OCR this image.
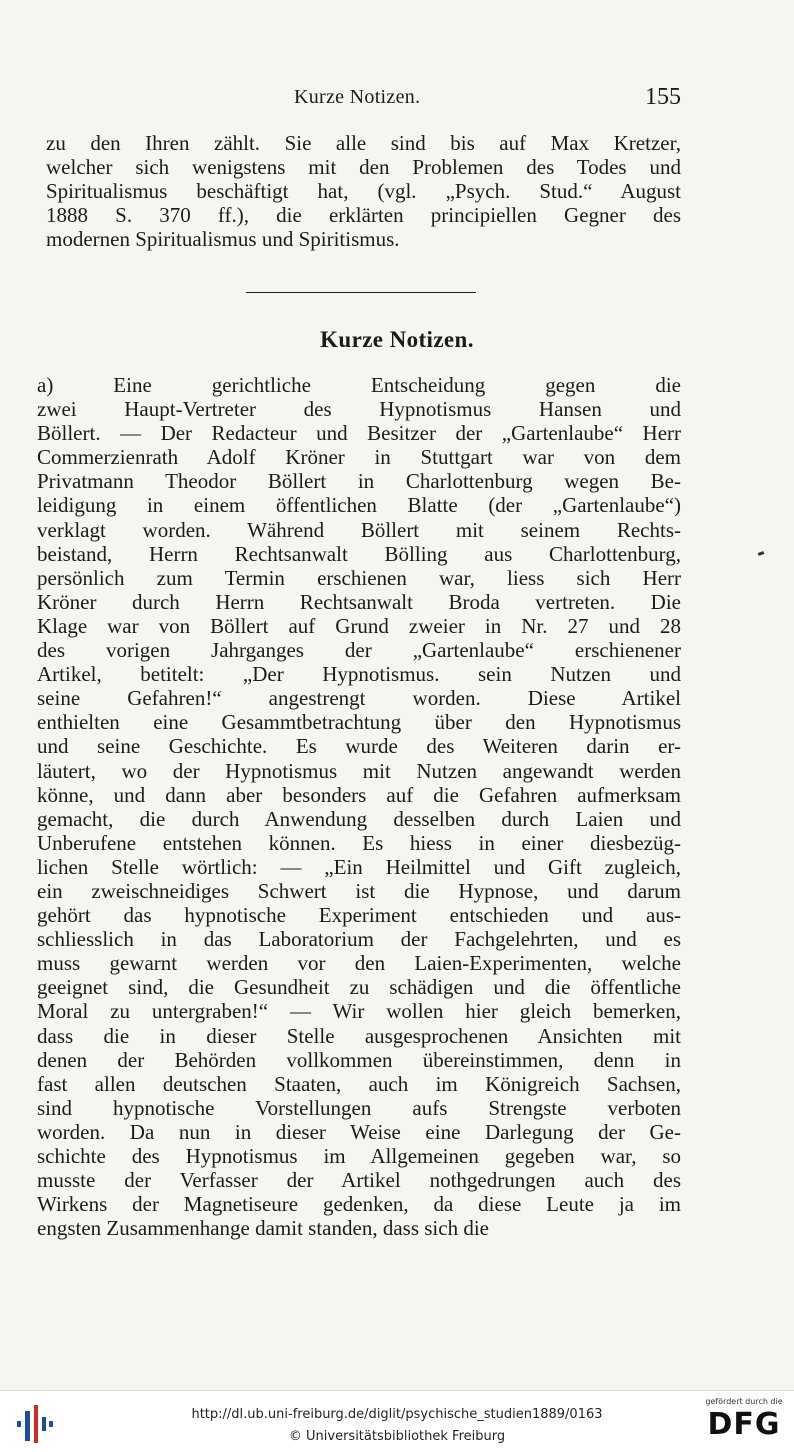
Kurze Notizen.	155
zu den Ihren zählt. Sie alle sind bis auf Max Kretzer,
welcher sich wenigstens mit den Problemen des Todes und
Spiritualismus beschäftigt hat, (vgl. „Psych. Stud.“ August
1888 S. 370 ff.), die erklärten principiellen Gegner des
modernen Spiritualismus und Spiritismus.
Kurze Notizen.
a) Eine gerichtliche Entscheidung gegen die
zwei Haupt-Vertreter des Hypnotismus Hansen und
Böllert. — Der Redacteur und Besitzer der „Gartenlaube“ Herr
Commerzienrath Adolf Kröner in Stuttgart war von dem
Privatmann Theodor Böllert in Charlottenburg wegen Be-
leidigung in einem öffentlichen Blatte (der „Gartenlaube“)
verklagt worden. Während Böllert mit seinem Rechts-
beistand, Herrn Rechtsanwalt Bölling aus Charlottenburg,
persönlich zum Termin erschienen war, liess sich Herr
Kröner durch Herrn Rechtsanwalt Broda vertreten. Die
Klage war von Böllert auf Grund zweier in Nr. 27 und 28
des vorigen Jahrganges der „Gartenlaube“ erschienener
Artikel, betitelt: „Der Hypnotismus. sein Nutzen und
seine Gefahren!“ angestrengt worden. Diese Artikel
enthielten eine Gesammtbetrachtung über den Hypnotismus
und seine Geschichte. Es wurde des Weiteren darin er-
läutert, wo der Hypnotismus mit Nutzen angewandt werden
könne, und dann aber besonders auf die Gefahren aufmerksam
gemacht, die durch Anwendung desselben durch Laien und
Unberufene entstehen können. Es hiess in einer diesbezüg-
lichen Stelle wörtlich: — „Ein Heilmittel und Gift zugleich,
ein zweischneidiges Schwert ist die Hypnose, und darum
gehört das hypnotische Experiment entschieden und aus-
schliesslich in das Laboratorium der Fachgelehrten, und es
muss gewarnt werden vor den Laien-Experimenten, welche
geeignet sind, die Gesundheit zu schädigen und die öffentliche
Moral zu untergraben!“ — Wir wollen hier gleich bemerken,
dass die in dieser Stelle ausgesprochenen Ansichten mit
denen der Behörden vollkommen übereinstimmen, denn in
fast allen deutschen Staaten, auch im Königreich Sachsen,
sind hypnotische Vorstellungen aufs Strengste verboten
worden. Da nun in dieser Weise eine Darlegung der Ge-
schichte des Hypnotismus im Allgemeinen gegeben war, so
musste der Verfasser der Artikel nothgedrungen auch des
Wirkens der Magnetiseure gedenken, da diese Leute ja im
engsten Zusammenhange damit standen, dass sich die
http://dl.ub.uni-freiburg.de/diglit/psychische_studien1889/0163
© Universitätsbibliothek Freiburg
gefördert durch die
DFG
